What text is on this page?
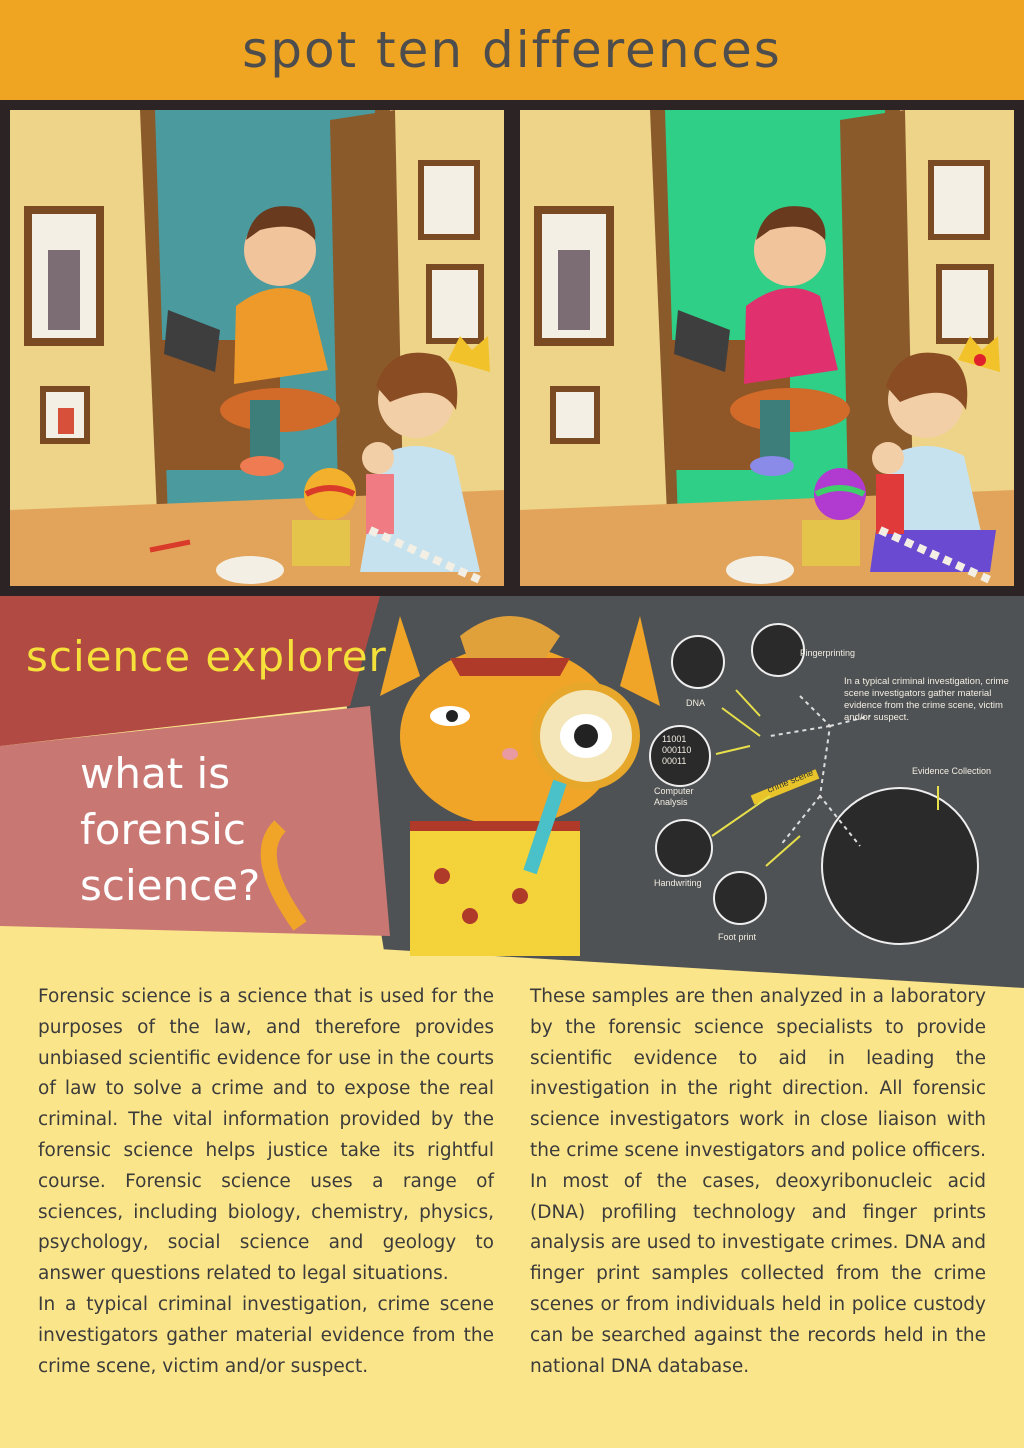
spot ten differences
science explorer
what is forensic science?
DNA
Fingerprinting
11001
000110
00011
Computer Analysis
Handwriting
Foot print
crime scene	Evidence Collection
In a typical criminal investigation, crime scene investigators gather material evidence from the crime scene, victim and/or suspect.

Forensic science is a science that is used for the purposes of the law, and therefore provides unbiased scientific evidence for use in the courts of law to solve a crime and to expose the real criminal. The vital information provided by the forensic science helps justice take its rightful course. Forensic science uses a range of sciences, including biology, chemistry, physics, psychology, social science and geology to answer questions related to legal situations.

In a typical criminal investigation, crime scene investigators gather material evidence from the crime scene, victim and/or suspect.

These samples are then analyzed in a laboratory by the forensic science specialists to provide scientific evidence to aid in leading the investigation in the right direction. All forensic science investigators work in close liaison with the crime scene investigators and police officers.

In most of the cases, deoxyribonucleic acid (DNA) profiling technology and finger prints analysis are used to investigate crimes. DNA and finger print samples collected from the crime scenes or from individuals held in police custody can be searched against the records held in the national DNA database.
